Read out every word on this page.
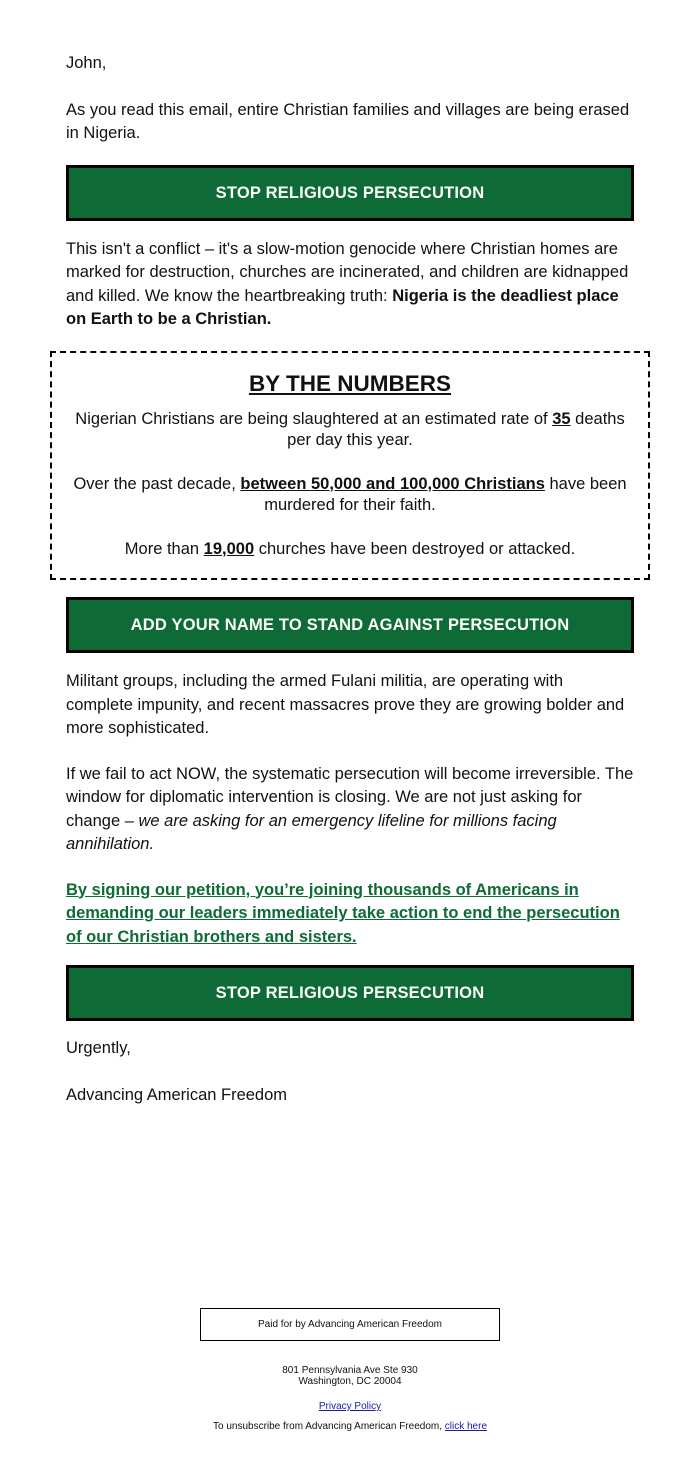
John,

As you read this email, entire Christian families and villages are being erased in Nigeria.

STOP RELIGIOUS PERSECUTION

This isn't a conflict – it's a slow-motion genocide where Christian homes are marked for destruction, churches are incinerated, and children are kidnapped and killed. We know the heartbreaking truth: Nigeria is the deadliest place on Earth to be a Christian.

BY THE NUMBERS

Nigerian Christians are being slaughtered at an estimated rate of 35 deaths per day this year.

Over the past decade, between 50,000 and 100,000 Christians have been murdered for their faith.

More than 19,000 churches have been destroyed or attacked.

ADD YOUR NAME TO STAND AGAINST PERSECUTION

Militant groups, including the armed Fulani militia, are operating with complete impunity, and recent massacres prove they are growing bolder and more sophisticated.

If we fail to act NOW, the systematic persecution will become irreversible. The window for diplomatic intervention is closing. We are not just asking for change – we are asking for an emergency lifeline for millions facing annihilation.

By signing our petition, you’re joining thousands of Americans in demanding our leaders immediately take action to end the persecution of our Christian brothers and sisters.

STOP RELIGIOUS PERSECUTION

Urgently,

Advancing American Freedom

Paid for by Advancing American Freedom
801 Pennsylvania Ave Ste 930
Washington, DC 20004
Privacy Policy
To unsubscribe from Advancing American Freedom, click here
